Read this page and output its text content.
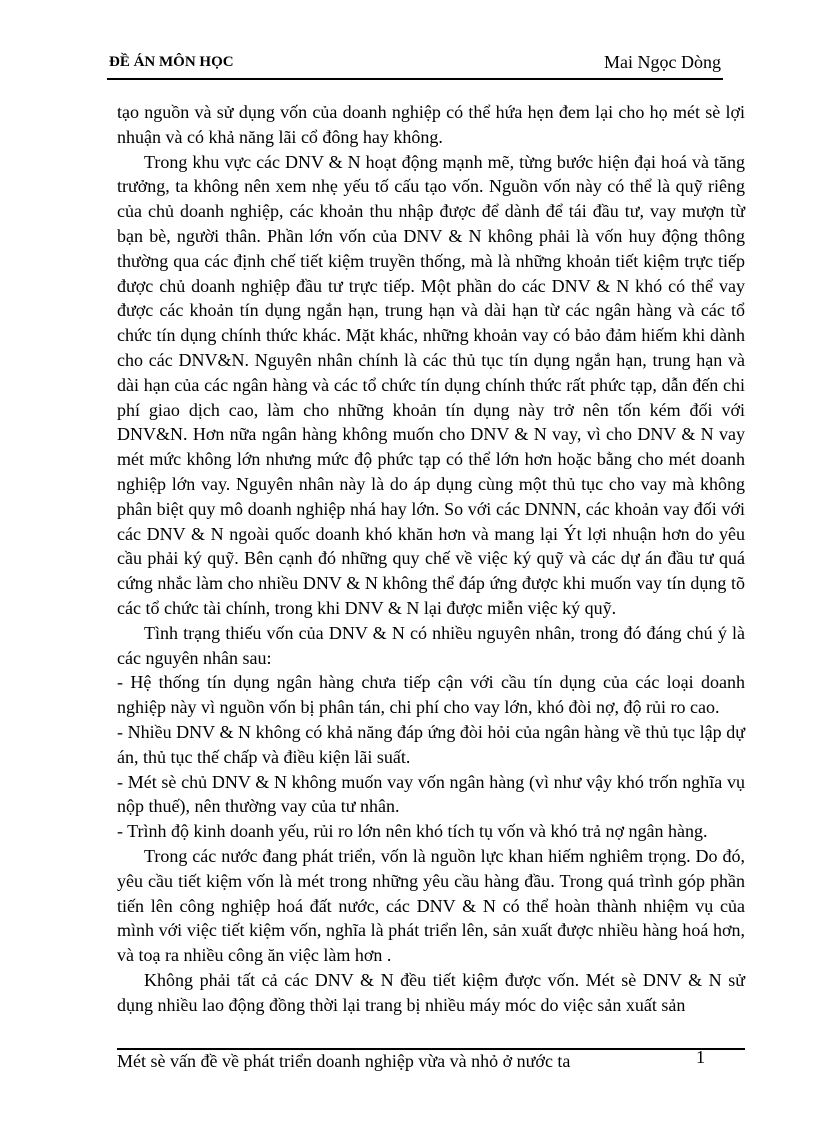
ĐỀ ÁN MÔN HỌC	Mai Ngọc Dòng

tạo nguồn và sử dụng vốn của doanh nghiệp có thể hứa hẹn đem lại cho họ mét sè lợi nhuận và có khả năng lãi cổ đông hay không.

Trong khu vực các DNV & N hoạt động mạnh mẽ, từng bước hiện đại hoá và tăng trưởng, ta không nên xem nhẹ yếu tố cấu tạo vốn. Nguồn vốn này có thể là quỹ riêng của chủ doanh nghiệp, các khoản thu nhập được để dành để tái đầu tư, vay mượn từ bạn bè, người thân. Phần lớn vốn của DNV & N không phải là vốn huy động thông thường qua các định chế tiết kiệm truyền thống, mà là những khoản tiết kiệm trực tiếp được chủ doanh nghiệp đầu tư trực tiếp. Một phần do các DNV & N khó có thể vay được các khoản tín dụng ngắn hạn, trung hạn và dài hạn từ các ngân hàng và các tổ chức tín dụng chính thức khác. Mặt khác, những khoản vay có bảo đảm hiếm khi dành cho các DNV&N. Nguyên nhân chính là các thủ tục tín dụng ngắn hạn, trung hạn và dài hạn của các ngân hàng và các tổ chức tín dụng chính thức rất phức tạp, dẫn đến chi phí giao dịch cao, làm cho những khoản tín dụng này trở nên tốn kém đối với DNV&N. Hơn nữa ngân hàng không muốn cho DNV & N vay, vì cho DNV & N vay mét mức không lớn nhưng mức độ phức tạp có thể lớn hơn hoặc bằng cho mét doanh nghiệp lớn vay. Nguyên nhân này là do áp dụng cùng một thủ tục cho vay mà không phân biệt quy mô doanh nghiệp nhá hay lớn. So với các DNNN, các khoản vay đối với các DNV & N ngoài quốc doanh khó khăn hơn và mang lại Ýt lợi nhuận hơn do yêu cầu phải ký quỹ. Bên cạnh đó những quy chế về việc ký quỹ và các dự án đầu tư quá cứng nhắc làm cho nhiều DNV & N không thể đáp ứng được khi muốn vay tín dụng tõ các tổ chức tài chính, trong khi DNV & N lại được miễn việc ký quỹ.

Tình trạng thiếu vốn của DNV & N có nhiều nguyên nhân, trong đó đáng chú ý là các nguyên nhân sau:

- Hệ thống tín dụng ngân hàng chưa tiếp cận với cầu tín dụng của các loại doanh nghiệp này vì nguồn vốn bị phân tán, chi phí cho vay lớn, khó đòi nợ, độ rủi ro cao.

- Nhiều DNV & N không có khả năng đáp ứng đòi hỏi của ngân hàng về thủ tục lập dự án, thủ tục thế chấp và điều kiện lãi suất.

- Mét sè chủ DNV & N không muốn vay vốn ngân hàng (vì như vậy khó trốn nghĩa vụ nộp thuế), nên thường vay của tư nhân.

- Trình độ kinh doanh yếu, rủi ro lớn nên khó tích tụ vốn và khó trả nợ ngân hàng.

Trong các nước đang phát triển, vốn là nguồn lực khan hiếm nghiêm trọng. Do đó, yêu cầu tiết kiệm vốn là mét trong những yêu cầu hàng đầu. Trong quá trình góp phần tiến lên công nghiệp hoá đất nước, các DNV & N có thể hoàn thành nhiệm vụ của mình với việc tiết kiệm vốn, nghĩa là phát triển lên, sản xuất được nhiều hàng hoá hơn, và toạ ra nhiều công ăn việc làm hơn .

Không phải tất cả các DNV & N đều tiết kiệm được vốn. Mét sè DNV & N sử dụng nhiều lao động đồng thời lại trang bị nhiều máy móc do việc sản xuất sản

Mét sè vấn đề về phát triển doanh nghiệp vừa và nhỏ ở nước ta	1
